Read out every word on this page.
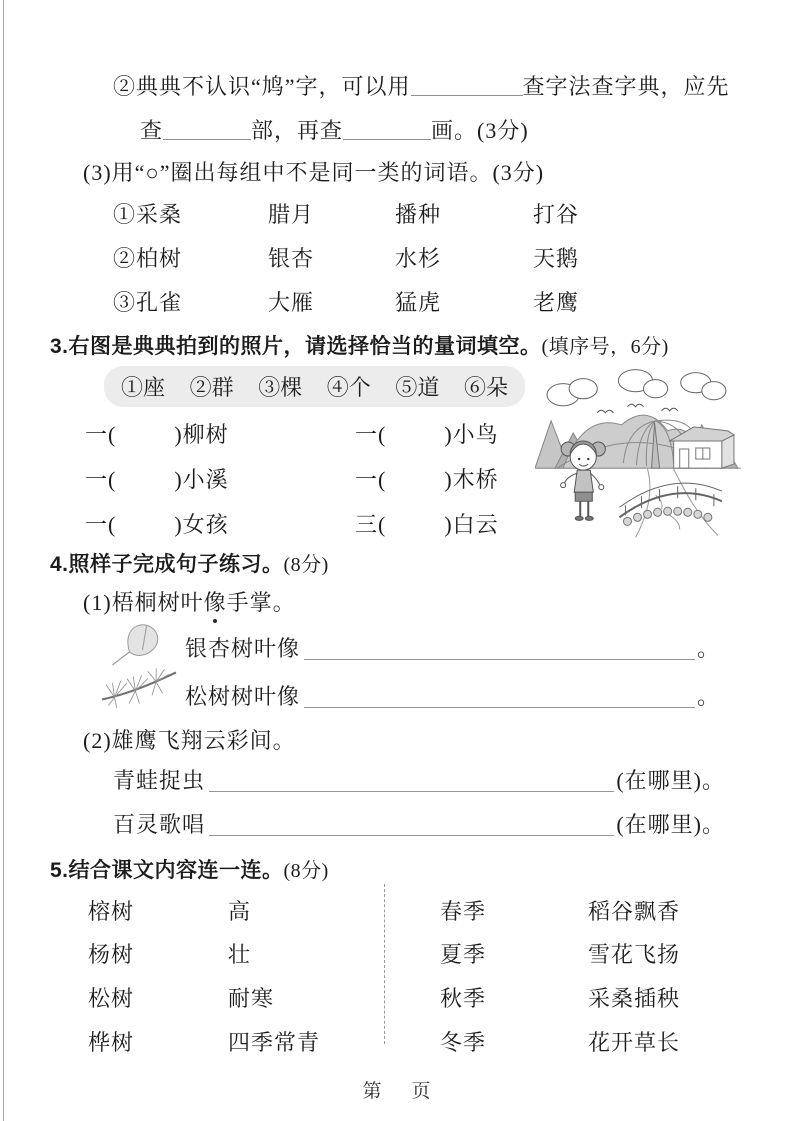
②典典不认识“鸠”字，可以用	查字法查字典，应先
查	部，再查	画。(3分)
(3)用“○”圈出每组中不是同一类的词语。(3分)
①采桑	腊月	播种	打谷
②柏树	银杏	水杉	天鹅
③孔雀	大雁	猛虎	老鹰
3.右图是典典拍到的照片，请选择恰当的量词填空。(填序号，6分)
①座 ②群 ③棵 ④个 ⑤道 ⑥朵
一(	)柳树	一(	)小鸟
一(	)小溪	一(	)木桥
一(	)女孩	三(	)白云
4.照样子完成句子练习。(8分)
(1)梧桐树叶像手掌。
银杏树叶像	。
松树树叶像	。
(2)雄鹰飞翔云彩间。
青蛙捉虫	(在哪里)。
百灵歌唱	(在哪里)。
5.结合课文内容连一连。(8分)
榕树	高	春季	稻谷飘香
杨树	壮	夏季	雪花飞扬
松树	耐寒	秋季	采桑插秧
桦树	四季常青	冬季	花开草长
第 页
